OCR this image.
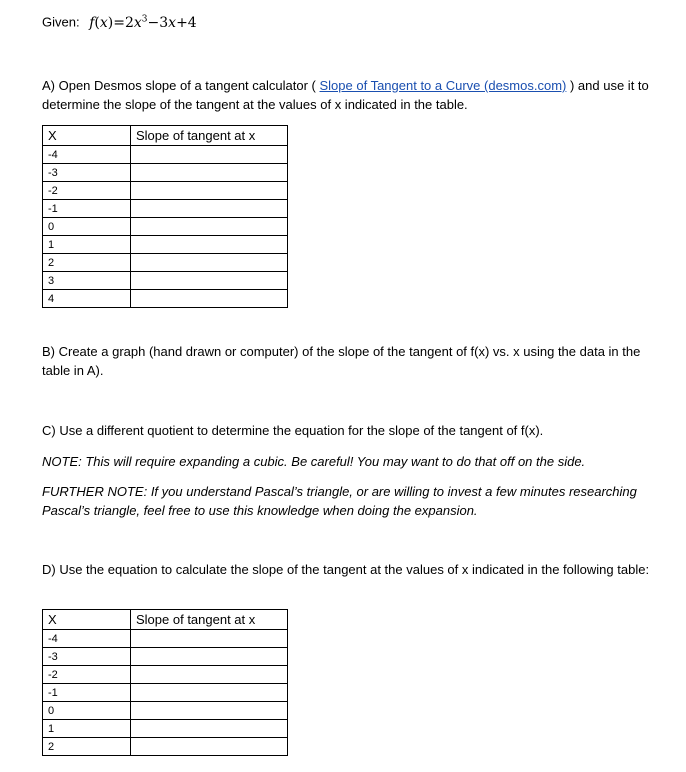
Given: $f(x)=2x^3-3x+4$
A) Open Desmos slope of a tangent calculator ( Slope of Tangent to a Curve (desmos.com) ) and use it to determine the slope of the tangent at the values of x indicated in the table.
X	Slope of tangent at x
-4	
-3	
-2	
-1	
0	
1	
2	
3	
4	
B) Create a graph (hand drawn or computer) of the slope of the tangent of f(x) vs. x using the data in the table in A).
C) Use a different quotient to determine the equation for the slope of the tangent of f(x).
NOTE: This will require expanding a cubic. Be careful! You may want to do that off on the side.
FURTHER NOTE: If you understand Pascal’s triangle, or are willing to invest a few minutes researching Pascal’s triangle, feel free to use this knowledge when doing the expansion.
D) Use the equation to calculate the slope of the tangent at the values of x indicated in the following table:
X	Slope of tangent at x
-4	
-3	
-2	
-1	
0	
1	
2	
